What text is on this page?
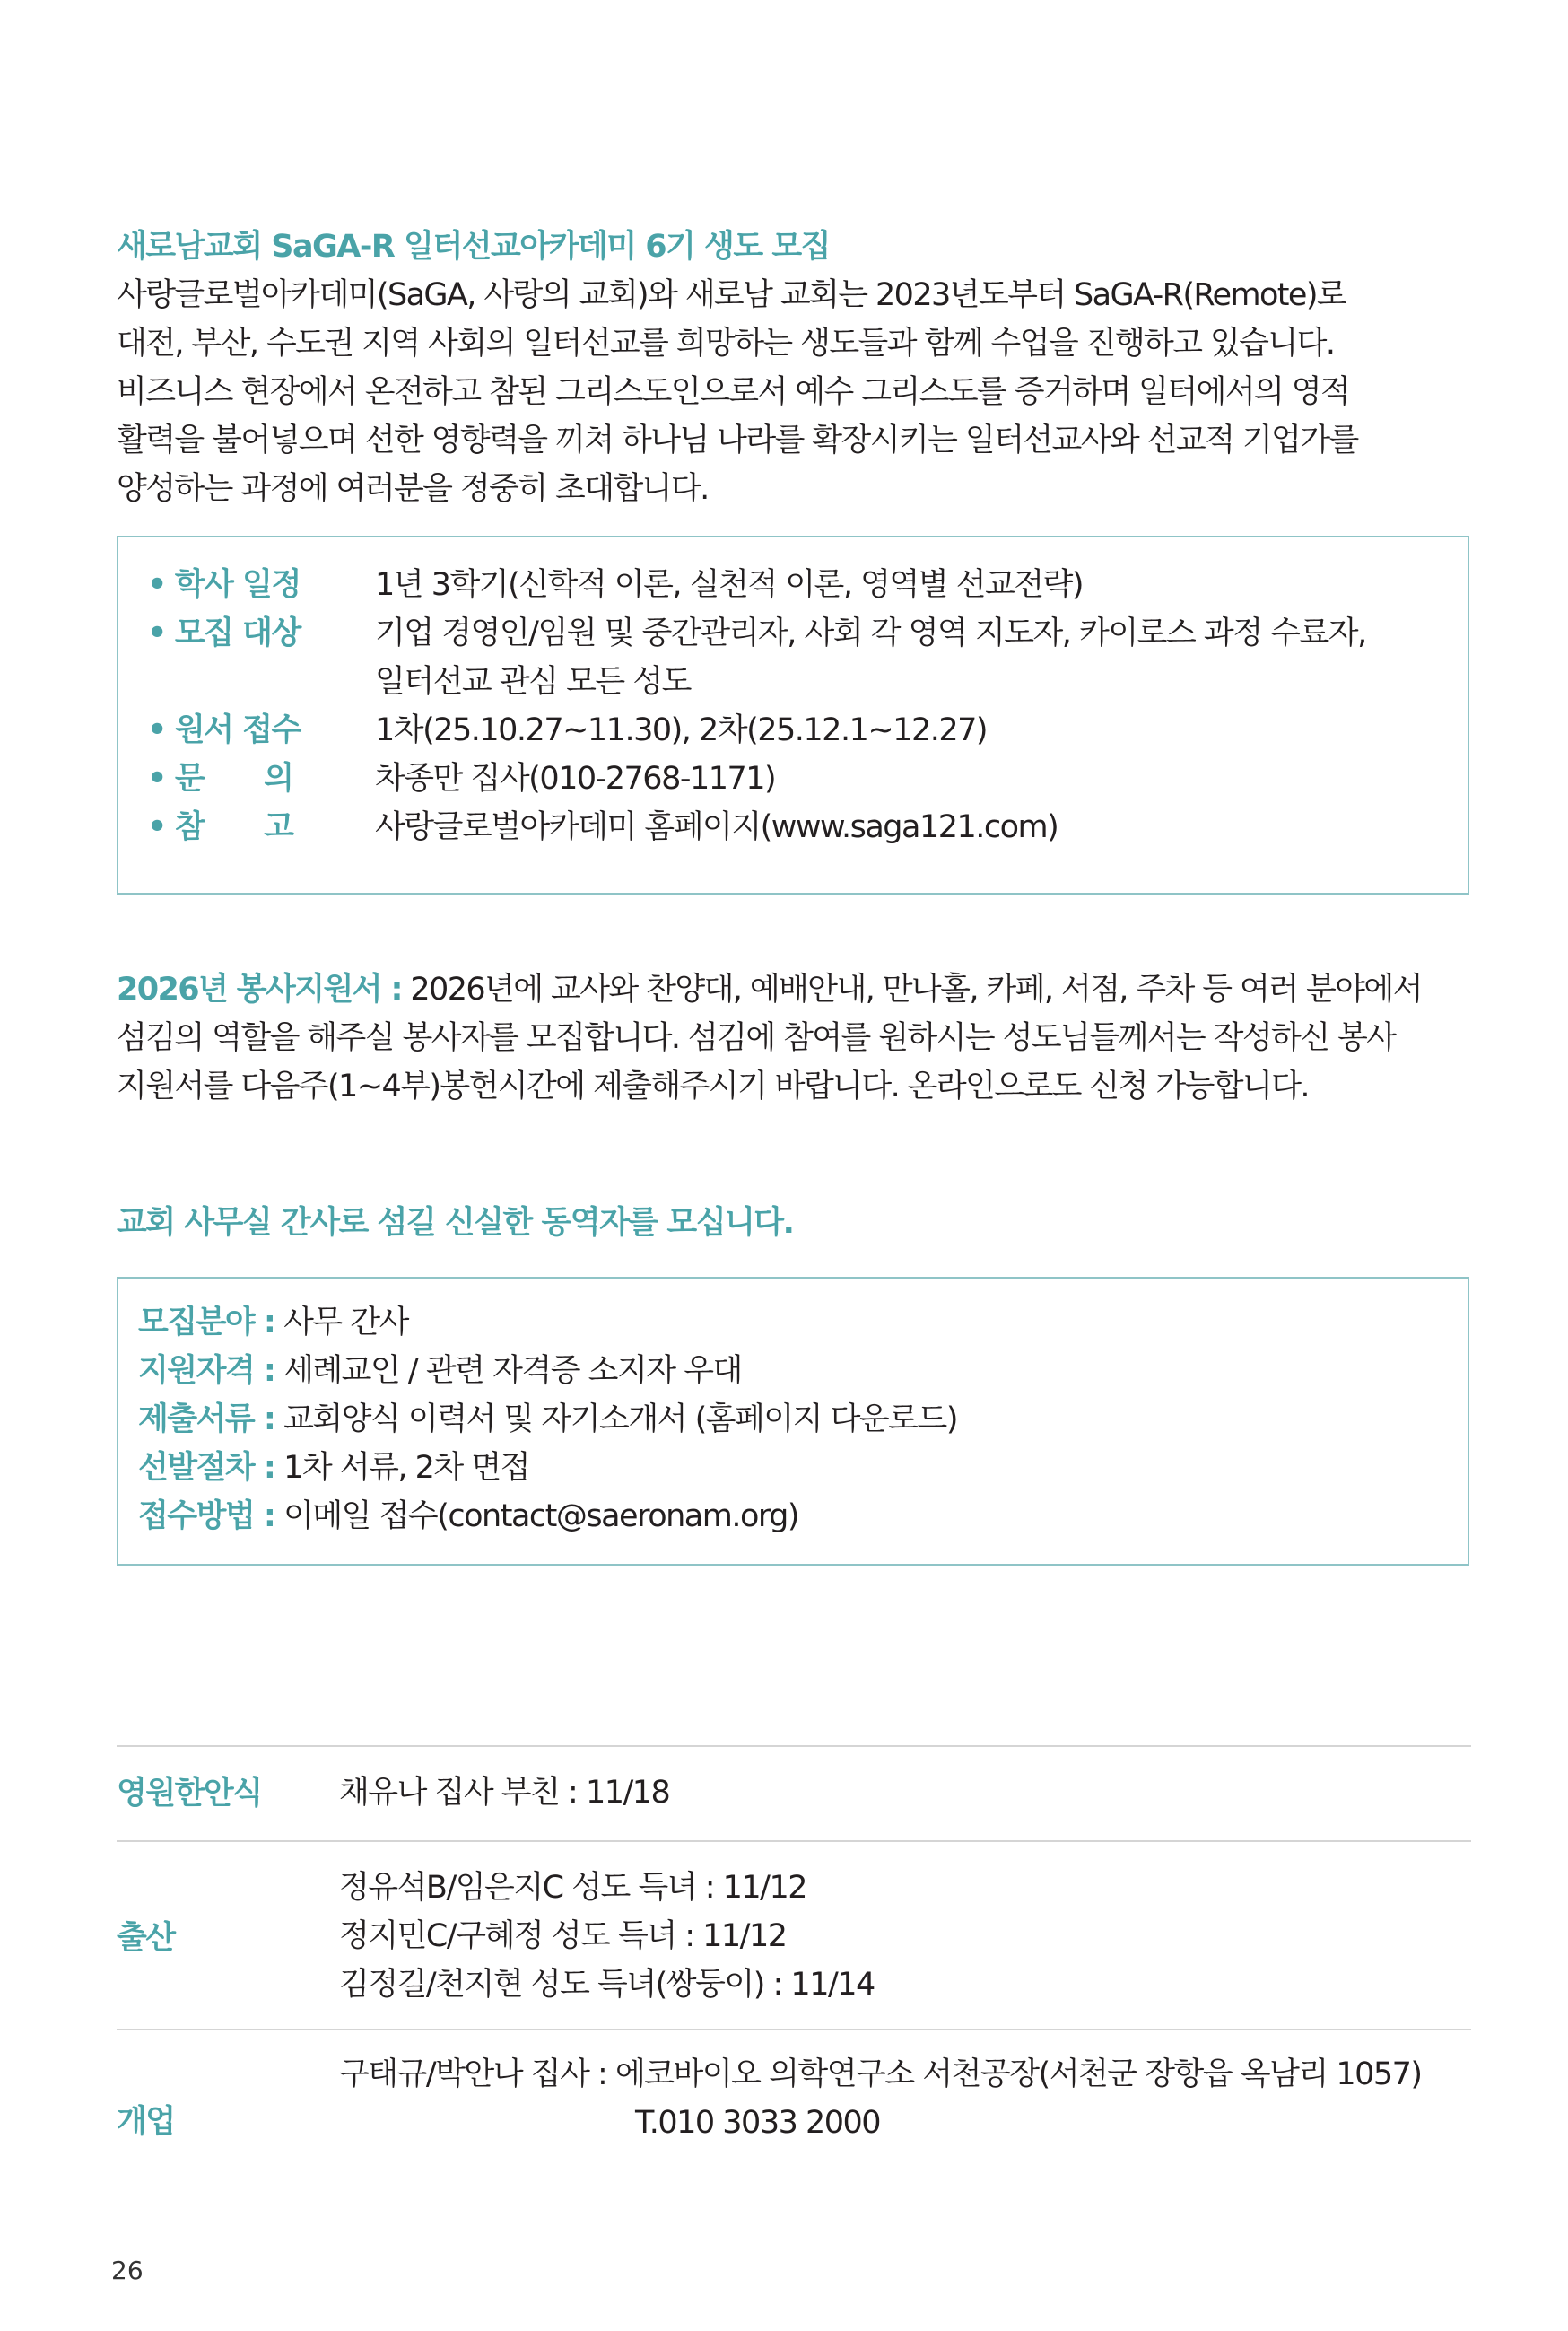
새로남교회 SaGA-R 일터선교아카데미 6기 생도 모집
사랑글로벌아카데미(SaGA, 사랑의 교회)와 새로남 교회는 2023년도부터 SaGA-R(Remote)로
대전, 부산, 수도권 지역 사회의 일터선교를 희망하는 생도들과 함께 수업을 진행하고 있습니다.
비즈니스 현장에서 온전하고 참된 그리스도인으로서 예수 그리스도를 증거하며 일터에서의 영적
활력을 불어넣으며 선한 영향력을 끼쳐 하나님 나라를 확장시키는 일터선교사와 선교적 기업가를
양성하는 과정에 여러분을 정중히 초대합니다.
• 학사 일정	1년 3학기(신학적 이론, 실천적 이론, 영역별 선교전략)
• 모집 대상	기업 경영인/임원 및 중간관리자, 사회 각 영역 지도자, 카이로스 과정 수료자,
일터선교 관심 모든 성도
• 원서 접수	1차(25.10.27~11.30), 2차(25.12.1~12.27)
• 문　　의	차종만 집사(010-2768-1171)
• 참　　고	사랑글로벌아카데미 홈페이지(www.saga121.com)
2026년 봉사지원서 : 2026년에 교사와 찬양대, 예배안내, 만나홀, 카페, 서점, 주차 등 여러 분야에서
섬김의 역할을 해주실 봉사자를 모집합니다. 섬김에 참여를 원하시는 성도님들께서는 작성하신 봉사
지원서를 다음주(1~4부)봉헌시간에 제출해주시기 바랍니다. 온라인으로도 신청 가능합니다.
교회 사무실 간사로 섬길 신실한 동역자를 모십니다.
모집분야 : 사무 간사
지원자격 : 세례교인 / 관련 자격증 소지자 우대
제출서류 : 교회양식 이력서 및 자기소개서 (홈페이지 다운로드)
선발절차 : 1차 서류, 2차 면접
접수방법 : 이메일 접수(contact@saeronam.org)
영원한안식 채유나 집사 부친 : 11/18
출산
정유석B/임은지C 성도 득녀 : 11/12
정지민C/구혜정 성도 득녀 : 11/12
김정길/천지현 성도 득녀(쌍둥이) : 11/14
개업
구태규/박안나 집사 : 에코바이오 의학연구소 서천공장(서천군 장항읍 옥남리 1057)
T.010 3033 2000
26
